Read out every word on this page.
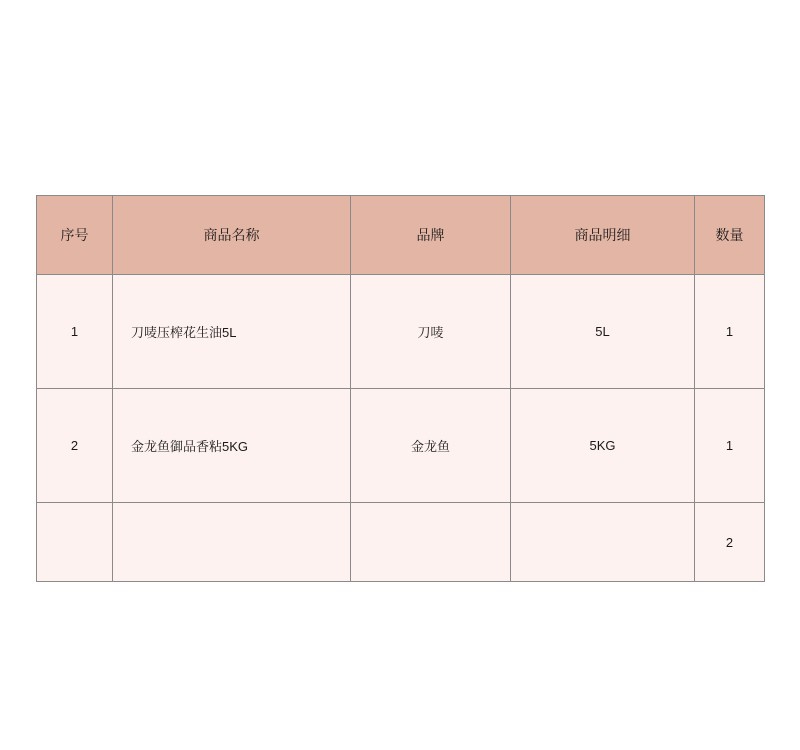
序号	商品名称	品牌	商品明细	数量
1	刀唛压榨花生油5L	刀唛	5L	1
2	金龙鱼御品香粘5KG	金龙鱼	5KG	1
				2
